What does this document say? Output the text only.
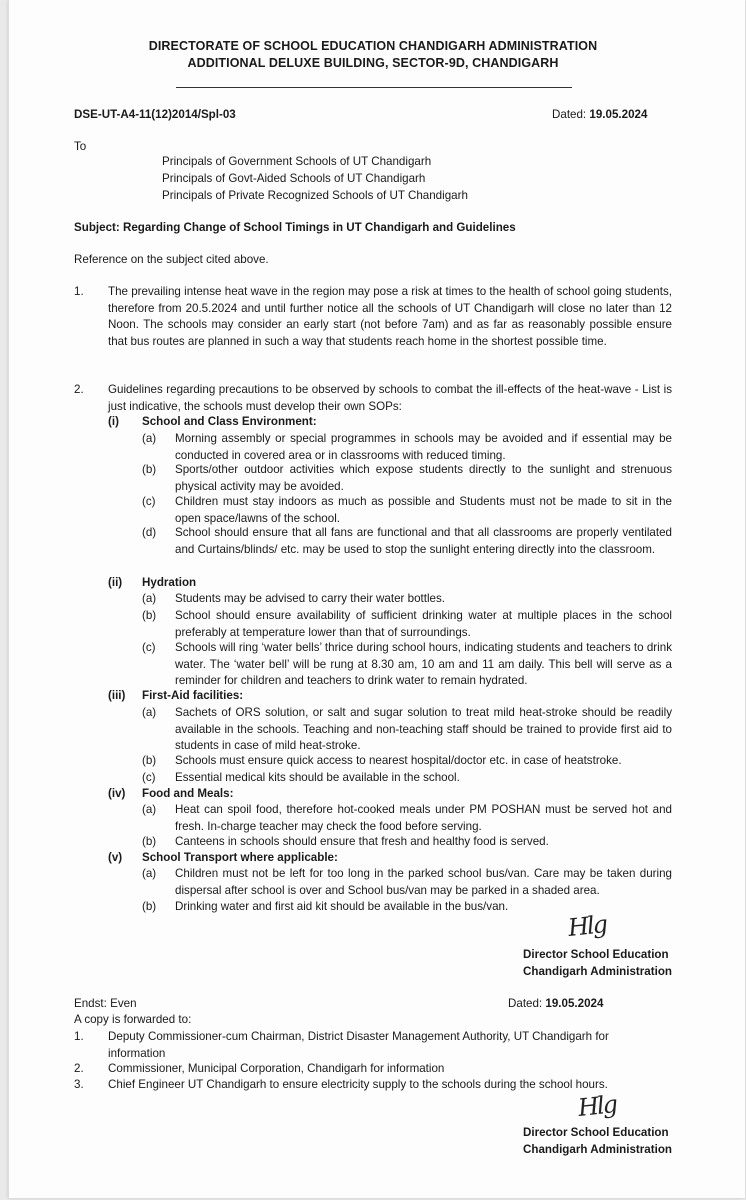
DIRECTORATE OF SCHOOL EDUCATION CHANDIGARH ADMINISTRATION
ADDITIONAL DELUXE BUILDING, SECTOR-9D, CHANDIGARH
DSE-UT-A4-11(12)2014/Spl-03	Dated: 19.05.2024
To
Principals of Government Schools of UT Chandigarh
Principals of Govt-Aided Schools of UT Chandigarh
Principals of Private Recognized Schools of UT Chandigarh
Subject: Regarding Change of School Timings in UT Chandigarh and Guidelines
Reference on the subject cited above.
1. The prevailing intense heat wave in the region may pose a risk at times to the health of school going students, therefore from 20.5.2024 and until further notice all the schools of UT Chandigarh will close no later than 12 Noon. The schools may consider an early start (not before 7am) and as far as reasonably possible ensure that bus routes are planned in such a way that students reach home in the shortest possible time.
2. Guidelines regarding precautions to be observed by schools to combat the ill-effects of the heat-wave - List is just indicative, the schools must develop their own SOPs:
(i) School and Class Environment:
(a) Morning assembly or special programmes in schools may be avoided and if essential may be conducted in covered area or in classrooms with reduced timing.
(b) Sports/other outdoor activities which expose students directly to the sunlight and strenuous physical activity may be avoided.
(c) Children must stay indoors as much as possible and Students must not be made to sit in the open space/lawns of the school.
(d) School should ensure that all fans are functional and that all classrooms are properly ventilated and Curtains/blinds/ etc. may be used to stop the sunlight entering directly into the classroom.
(ii) Hydration
(a) Students may be advised to carry their water bottles.
(b) School should ensure availability of sufficient drinking water at multiple places in the school preferably at temperature lower than that of surroundings.
(c) Schools will ring ‘water bells’ thrice during school hours, indicating students and teachers to drink water. The ‘water bell’ will be rung at 8.30 am, 10 am and 11 am daily. This bell will serve as a reminder for children and teachers to drink water to remain hydrated.
(iii) First-Aid facilities:
(a) Sachets of ORS solution, or salt and sugar solution to treat mild heat-stroke should be readily available in the schools. Teaching and non-teaching staff should be trained to provide first aid to students in case of mild heat-stroke.
(b) Schools must ensure quick access to nearest hospital/doctor etc. in case of heatstroke.
(c) Essential medical kits should be available in the school.
(iv) Food and Meals:
(a) Heat can spoil food, therefore hot-cooked meals under PM POSHAN must be served hot and fresh. In-charge teacher may check the food before serving.
(b) Canteens in schools should ensure that fresh and healthy food is served.
(v) School Transport where applicable:
(a) Children must not be left for too long in the parked school bus/van. Care may be taken during dispersal after school is over and School bus/van may be parked in a shaded area.
(b) Drinking water and first aid kit should be available in the bus/van.
Hlg
Director School Education
Chandigarh Administration
Endst: Even	Dated: 19.05.2024
A copy is forwarded to:
1. Deputy Commissioner-cum Chairman, District Disaster Management Authority, UT Chandigarh for information
2. Commissioner, Municipal Corporation, Chandigarh for information
3. Chief Engineer UT Chandigarh to ensure electricity supply to the schools during the school hours.
Hlg
Director School Education
Chandigarh Administration
